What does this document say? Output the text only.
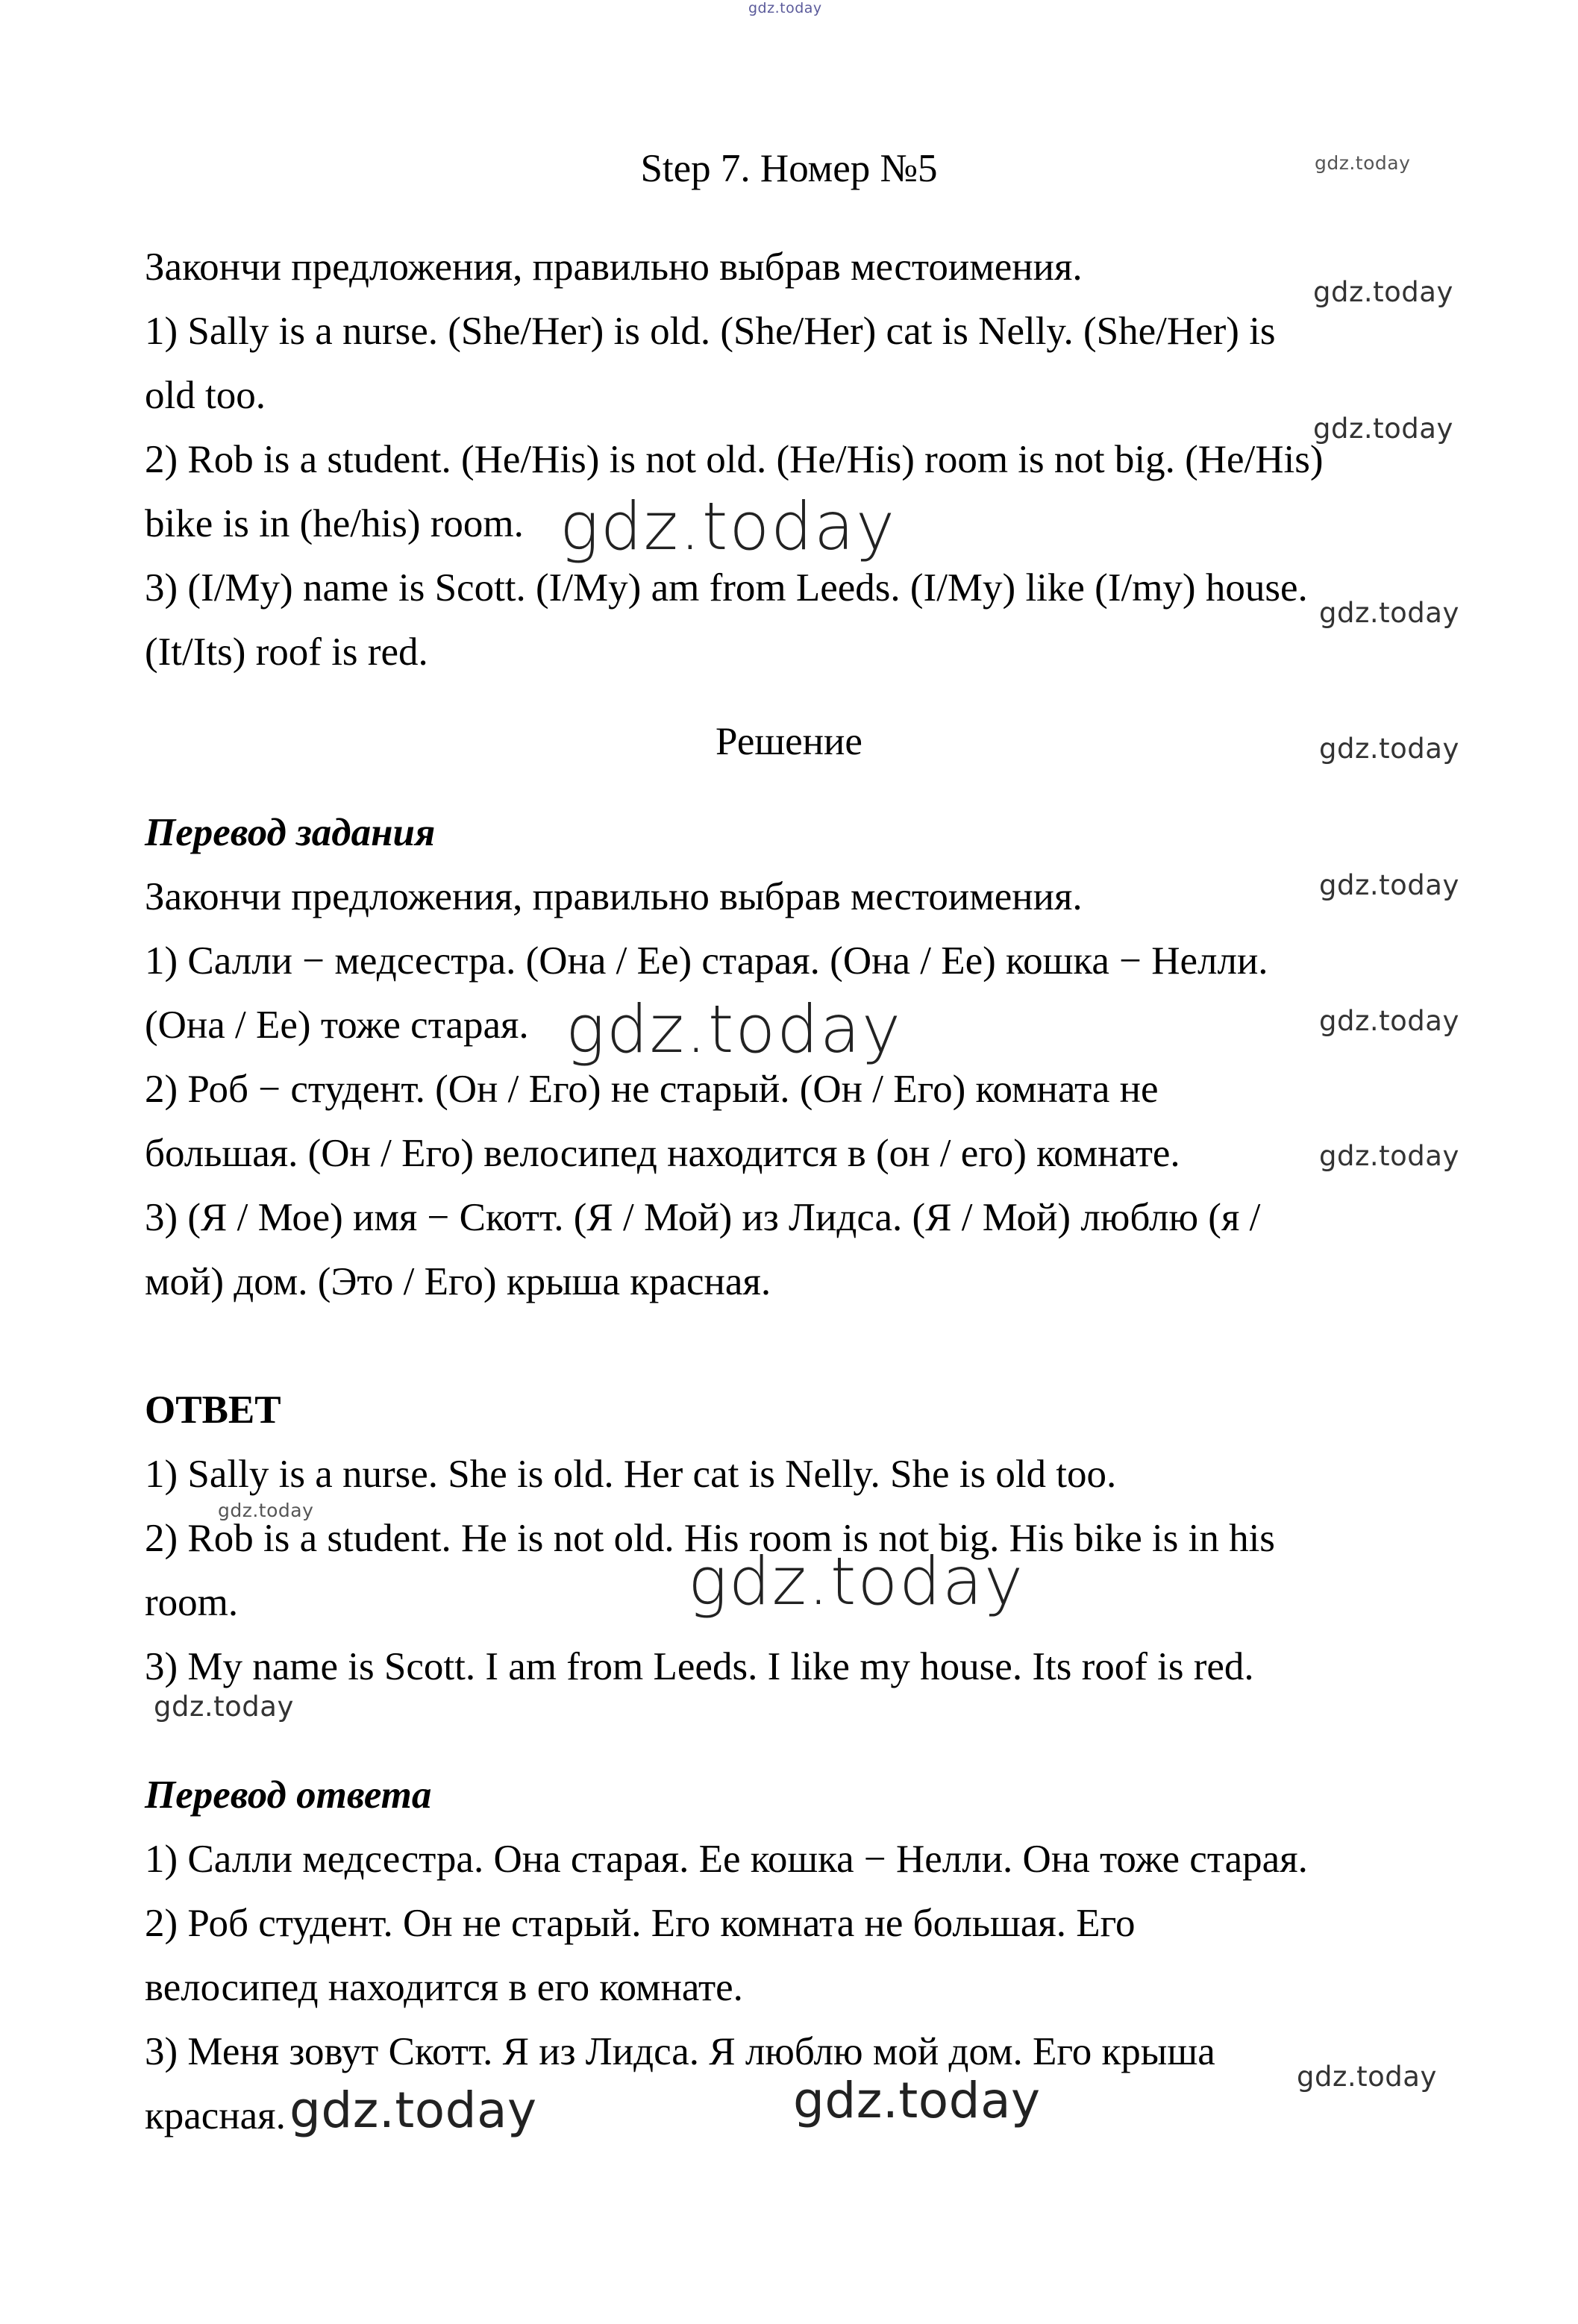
gdz.today
Step 7. Номер №5	gdz.today
Закончи предложения, правильно выбрав местоимения.
gdz.today
1) Sally is a nurse. (She/Her) is old. (She/Her) cat is Nelly. (She/Her) is
old too.
gdz.today
2) Rob is a student. (He/His) is not old. (He/His) room is not big. (He/His)
bike is in (he/his) room. gdz.today
3) (I/My) name is Scott. (I/My) am from Leeds. (I/My) like (I/my) house.
gdz.today
(It/Its) roof is red.
Решение	gdz.today
Перевод задания
Закончи предложения, правильно выбрав местоимения.	gdz.today
1) Салли − медсестра. (Она / Ее) старая. (Она / Ее) кошка − Нелли.
(Она / Ее) тоже старая. gdz.today	gdz.today
2) Роб − студент. (Он / Его) не старый. (Он / Его) комната не
большая. (Он / Его) велосипед находится в (он / его) комнате.	gdz.today
3) (Я / Мое) имя − Скотт. (Я / Мой) из Лидса. (Я / Мой) люблю (я /
мой) дом. (Это / Его) крыша красная.
ОТВЕТ
1) Sally is a nurse. She is old. Her cat is Nelly. She is old too.
gdz.today
2) Rob is a student. He is not old. His room is not big. His bike is in his
room.	gdz.today
3) My name is Scott. I am from Leeds. I like my house. Its roof is red.
gdz.today
Перевод ответа
1) Салли медсестра. Она старая. Ее кошка − Нелли. Она тоже старая.
2) Роб студент. Он не старый. Его комната не большая. Его
велосипед находится в его комнате.
3) Меня зовут Скотт. Я из Лидса. Я люблю мой дом. Его крыша
gdz.today
красная. gdz.today	gdz.today
